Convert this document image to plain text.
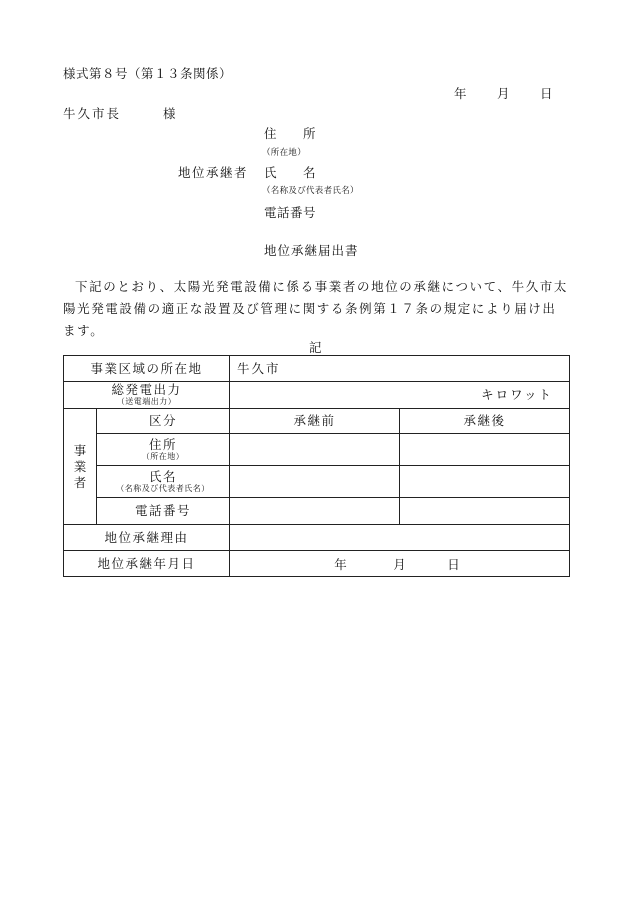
様式第８号（第１３条関係）
年 月 日
牛久市長	様
住　　所
（所在地）
地位承継者 氏　　名
（名称及び代表者氏名）
電話番号
地位承継届出書
下記のとおり、太陽光発電設備に係る事業者の地位の承継について、牛久市太陽光発電設備の適正な設置及び管理に関する条例第１７条の規定により届け出ます。
記
事業区域の所在地		牛久市	

総発電出力
（送電端出力）		キロワット	

事
業
者	区分	承継前	承継後

	住所
（所在地）		

	氏名
（名称及び代表者氏名）		

	電話番号		

地位承継理由			

地位承継年月日		年 月 日	
